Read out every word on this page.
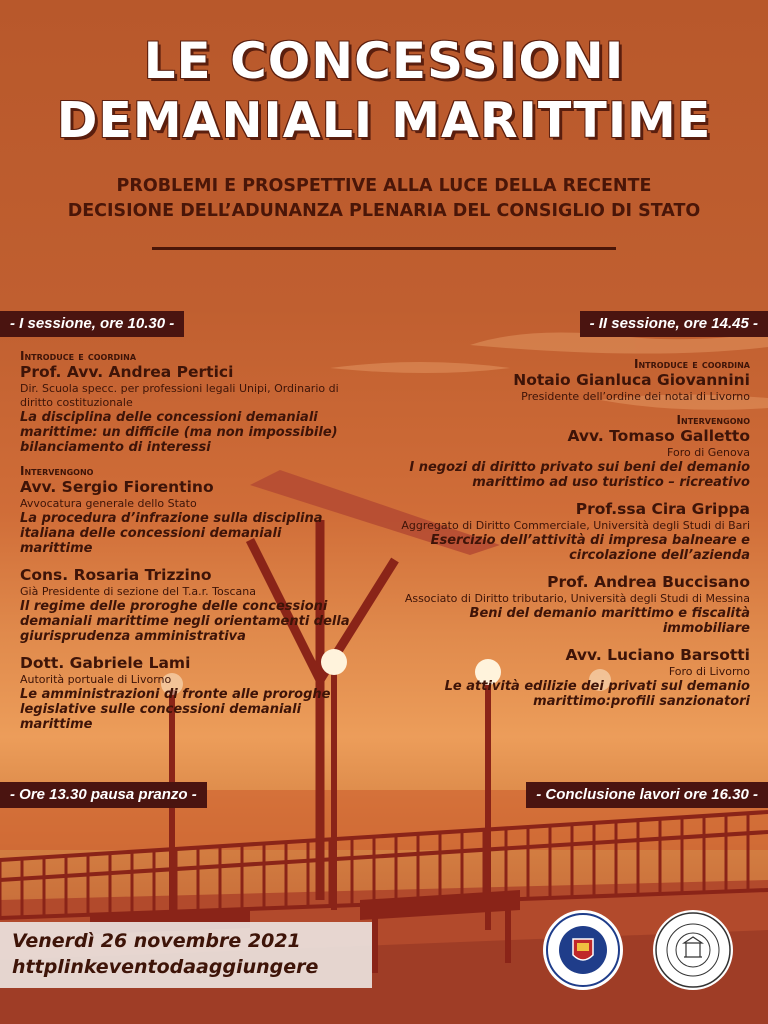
LE CONCESSIONI
DEMANIALI MARITTIME
PROBLEMI E PROSPETTIVE ALLA LUCE DELLA RECENTE
DECISIONE DELL’ADUNANZA PLENARIA DEL CONSIGLIO DI STATO
- I sessione, ore 10.30 -	- II sessione, ore 14.45 -
- Ore 13.30 pausa pranzo -	- Conclusione lavori ore 16.30 -
Introduce e coordina
Prof. Avv. Andrea Pertici
Dir. Scuola specc. per professioni legali Unipi, Ordinario di diritto costituzionale
La disciplina delle concessioni demaniali marittime: un difficile (ma non impossibile) bilanciamento di interessi
Intervengono
Avv. Sergio Fiorentino
Avvocatura generale dello Stato
La procedura d’infrazione sulla disciplina italiana delle concessioni demaniali marittime
Cons. Rosaria Trizzino
Già Presidente di sezione del T.a.r. Toscana
Il regime delle proroghe delle concessioni demaniali marittime negli orientamenti della giurisprudenza amministrativa
Dott. Gabriele Lami
Autorità portuale di Livorno
Le amministrazioni di fronte alle proroghe legislative sulle concessioni demaniali marittime
Introduce e coordina
Notaio Gianluca Giovannini
Presidente dell’ordine dei notai di Livorno
Intervengono
Avv. Tomaso Galletto
Foro di Genova
I negozi di diritto privato sui beni del demanio marittimo ad uso turistico – ricreativo
Prof.ssa Cira Grippa
Aggregato di Diritto Commerciale, Università degli Studi di Bari
Esercizio dell’attività di impresa balneare e circolazione dell’azienda
Prof. Andrea Buccisano
Associato di Diritto tributario, Università degli Studi di Messina
Beni del demanio marittimo e fiscalità immobiliare
Avv. Luciano Barsotti
Foro di Livorno
Le attività edilizie dei privati sul demanio marittimo:profili sanzionatori
Venerdì 26 novembre 2021
httplinkeventodaaggiungere
